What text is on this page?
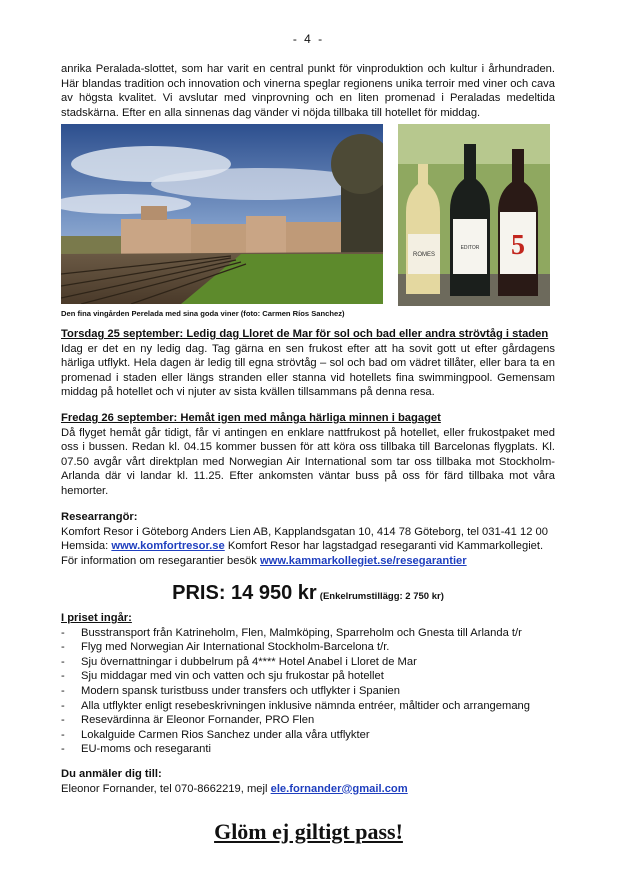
- 4 -
anrika Peralada-slottet, som har varit en central punkt för vinproduktion och kultur i århundraden. Här blandas tradition och innovation och vinerna speglar regionens unika terroir med viner och cava av högsta kvalitet. Vi avslutar med vinprovning och en liten promenad i Peraladas medeltida stadskärna. Efter en alla sinnenas dag vänder vi nöjda tillbaka till hotellet för middag.
ROMES
EDITOR 5
Den fina vingården Perelada med sina goda viner (foto: Carmen Ríos Sanchez)
Torsdag 25 september: Ledig dag Lloret de Mar för sol och bad eller andra strövtåg i staden
Idag er det en ny ledig dag. Tag gärna en sen frukost efter att ha sovit gott ut efter gårdagens härliga utflykt. Hela dagen är ledig till egna strövtåg – sol och bad om vädret tillåter, eller bara ta en promenad i staden eller längs stranden eller stanna vid hotellets fina swimmingpool. Gemensam middag på hotellet och vi njuter av sista kvällen tillsammans på denna resa.
Fredag 26 september: Hemåt igen med många härliga minnen i bagaget
Då flyget hemåt går tidigt, får vi antingen en enklare nattfrukost på hotellet, eller frukostpaket med oss i bussen. Redan kl. 04.15 kommer bussen för att köra oss tillbaka till Barcelonas flygplats. Kl. 07.50 avgår vårt direktplan med Norwegian Air International som tar oss tillbaka mot Stockholm-Arlanda där vi landar kl. 11.25. Efter ankomsten väntar buss på oss för färd tillbaka mot våra hemorter.
Researrangör:
Komfort Resor i Göteborg Anders Lien AB, Kapplandsgatan 10, 414 78 Göteborg, tel 031-41 12 00
Hemsida: www.komfortresor.se Komfort Resor har lagstadgad resegaranti vid Kammarkollegiet.
För information om resegarantier besök www.kammarkollegiet.se/resegarantier
PRIS: 14 950 kr (Enkelrumstillägg: 2 750 kr)
I priset ingår:
- Busstransport från Katrineholm, Flen, Malmköping, Sparreholm och Gnesta till Arlanda t/r
- Flyg med Norwegian Air International Stockholm-Barcelona t/r.
- Sju övernattningar i dubbelrum på 4**** Hotel Anabel i Lloret de Mar
- Sju middagar med vin och vatten och sju frukostar på hotellet
- Modern spansk turistbuss under transfers och utflykter i Spanien
- Alla utflykter enligt resebeskrivningen inklusive nämnda entréer, måltider och arrangemang
- Resevärdinna är Eleonor Fornander, PRO Flen
- Lokalguide Carmen Rios Sanchez under alla våra utflykter
- EU-moms och resegaranti
Du anmäler dig till:
Eleonor Fornander, tel 070-8662219, mejl ele.fornander@gmail.com
Glöm ej giltigt pass!
